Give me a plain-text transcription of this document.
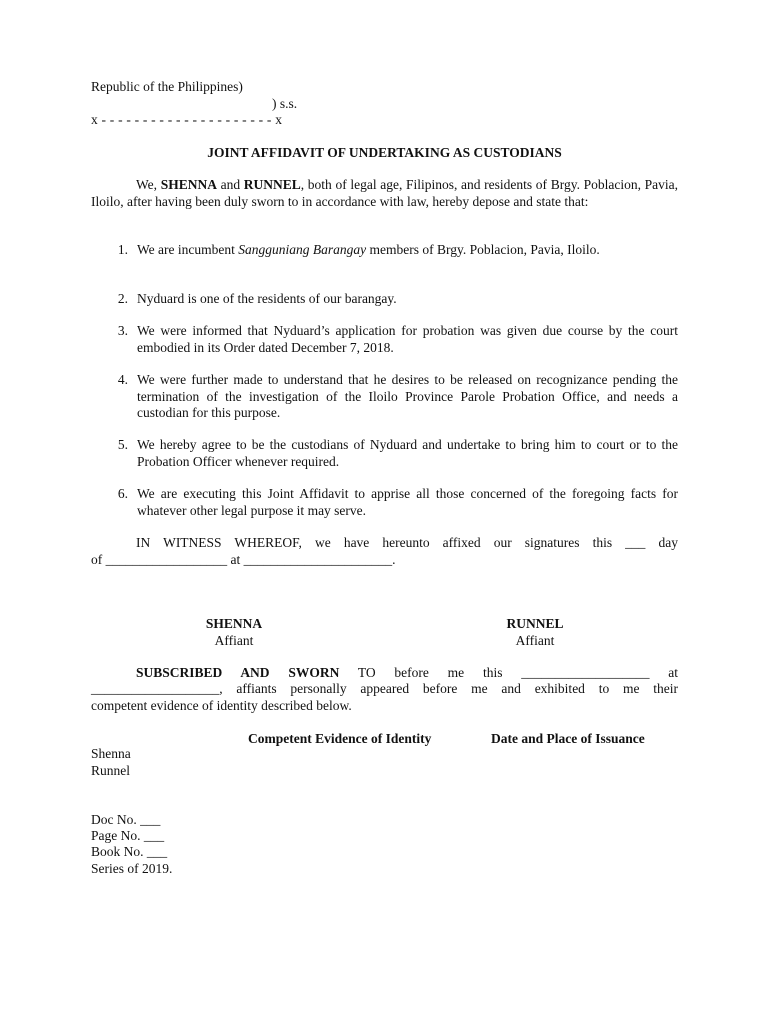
Republic of the Philippines)
) s.s.
x - - - - - - - - - - - - - - - - - - - - - x
JOINT AFFIDAVIT OF UNDERTAKING AS CUSTODIANS
We, SHENNA and RUNNEL, both of legal age, Filipinos, and residents of Brgy. Poblacion, Pavia, Iloilo, after having been duly sworn to in accordance with law, hereby depose and state that:
1. We are incumbent Sangguniang Barangay members of Brgy. Poblacion, Pavia, Iloilo.
2. Nyduard is one of the residents of our barangay.
3. We were informed that Nyduard’s application for probation was given due course by the court embodied in its Order dated December 7, 2018.
4. We were further made to understand that he desires to be released on recognizance pending the termination of the investigation of the Iloilo Province Parole Probation Office, and needs a custodian for this purpose.
5. We hereby agree to be the custodians of Nyduard and undertake to bring him to court or to the Probation Officer whenever required.
6. We are executing this Joint Affidavit to apprise all those concerned of the foregoing facts for whatever other legal purpose it may serve.
IN WITNESS WHEREOF, we have hereunto affixed our signatures this ___ day
of __________________ at ______________________.
SHENNA
Affiant
RUNNEL
Affiant
SUBSCRIBED AND SWORN TO before me this ___________________ at
___________________, affiants personally appeared before me and exhibited to me their
competent evidence of identity described below.
Competent Evidence of Identity	Date and Place of Issuance
Shenna
Runnel
Doc No. ___
Page No. ___
Book No. ___
Series of 2019.
